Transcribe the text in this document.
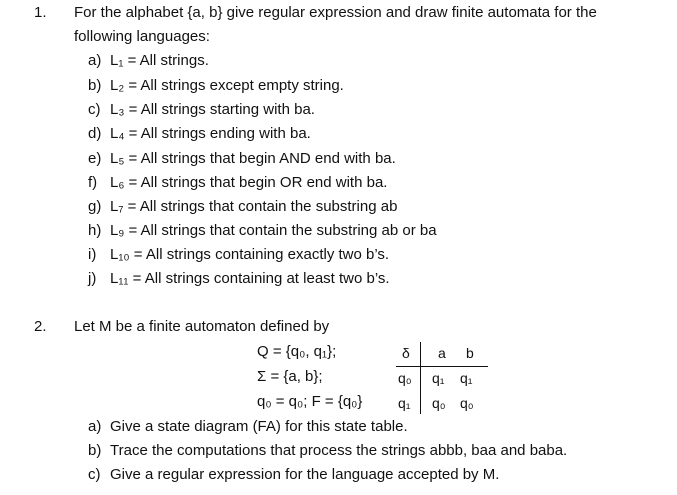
1. For the alphabet {a, b} give regular expression and draw finite automata for the
following languages:
a) L₁ = All strings.
b) L₂ = All strings except empty string.
c) L₃ = All strings starting with ba.
d) L₄ = All strings ending with ba.
e) L₅ = All strings that begin AND end with ba.
f) L₆ = All strings that begin OR end with ba.
g) L₇ = All strings that contain the substring ab
h) L₉ = All strings that contain the substring ab or ba
i) L₁₀ = All strings containing exactly two b’s.
j) L₁₁ = All strings containing at least two b’s.
2. Let M be a finite automaton defined by
Q = {q₀, q₁};
Σ = {a, b};
q₀ = q₀; F = {q₀}
δ a b
q₀ q₁ q₁
q₁ q₀ q₀
a) Give a state diagram (FA) for this state table.
b) Trace the computations that process the strings abbb, baa and baba.
c) Give a regular expression for the language accepted by M.
